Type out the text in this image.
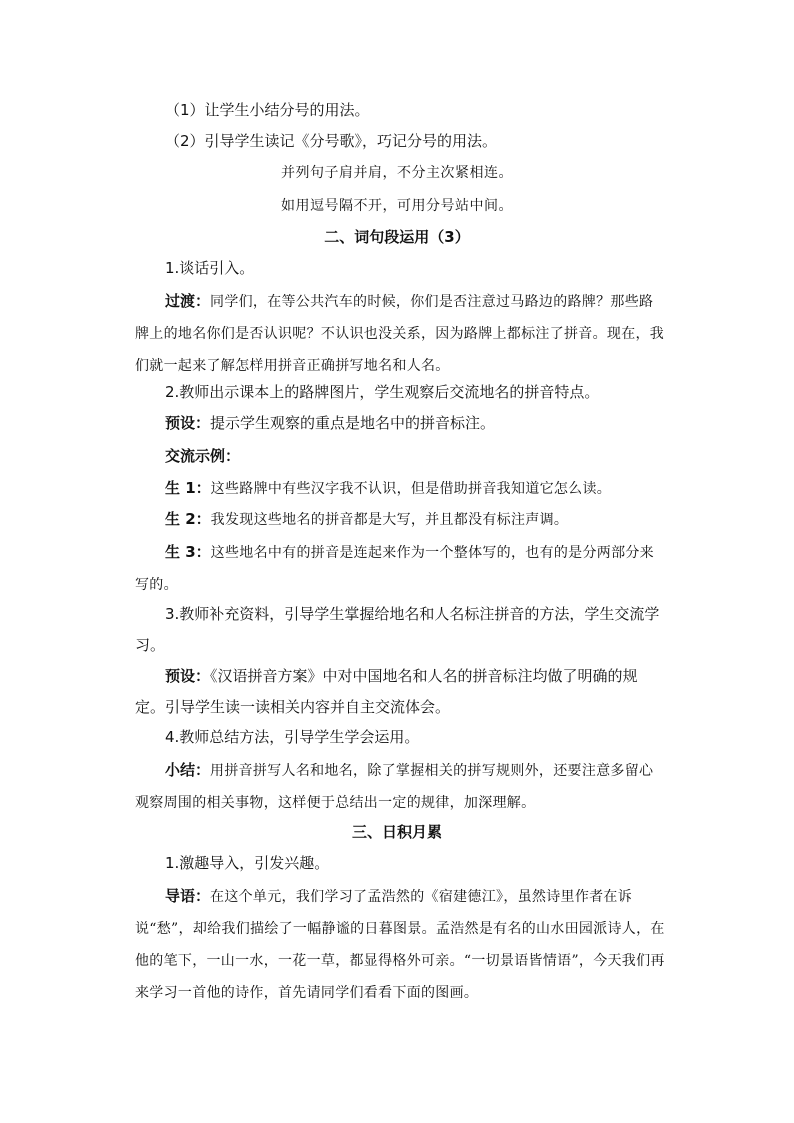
（1）让学生小结分号的用法。
（2）引导学生读记《分号歌》，巧记分号的用法。
并列句子肩并肩，不分主次紧相连。
如用逗号隔不开，可用分号站中间。
二、词句段运用（3）
1.谈话引入。
过渡：同学们，在等公共汽车的时候，你们是否注意过马路边的路牌？那些路牌上的地名你们是否认识呢？不认识也没关系，因为路牌上都标注了拼音。现在，我们就一起来了解怎样用拼音正确拼写地名和人名。
2.教师出示课本上的路牌图片，学生观察后交流地名的拼音特点。
预设：提示学生观察的重点是地名中的拼音标注。
交流示例：
生 1：这些路牌中有些汉字我不认识，但是借助拼音我知道它怎么读。
生 2：我发现这些地名的拼音都是大写，并且都没有标注声调。
生 3：这些地名中有的拼音是连起来作为一个整体写的，也有的是分两部分来写的。
3.教师补充资料，引导学生掌握给地名和人名标注拼音的方法，学生交流学习。
预设：《汉语拼音方案》中对中国地名和人名的拼音标注均做了明确的规定。引导学生读一读相关内容并自主交流体会。
4.教师总结方法，引导学生学会运用。
小结：用拼音拼写人名和地名，除了掌握相关的拼写规则外，还要注意多留心观察周围的相关事物，这样便于总结出一定的规律，加深理解。
三、日积月累
1.激趣导入，引发兴趣。
导语：在这个单元，我们学习了孟浩然的《宿建德江》，虽然诗里作者在诉说“愁”，却给我们描绘了一幅静谧的日暮图景。孟浩然是有名的山水田园派诗人，在他的笔下，一山一水，一花一草，都显得格外可亲。“一切景语皆情语”，今天我们再来学习一首他的诗作，首先请同学们看看下面的图画。
